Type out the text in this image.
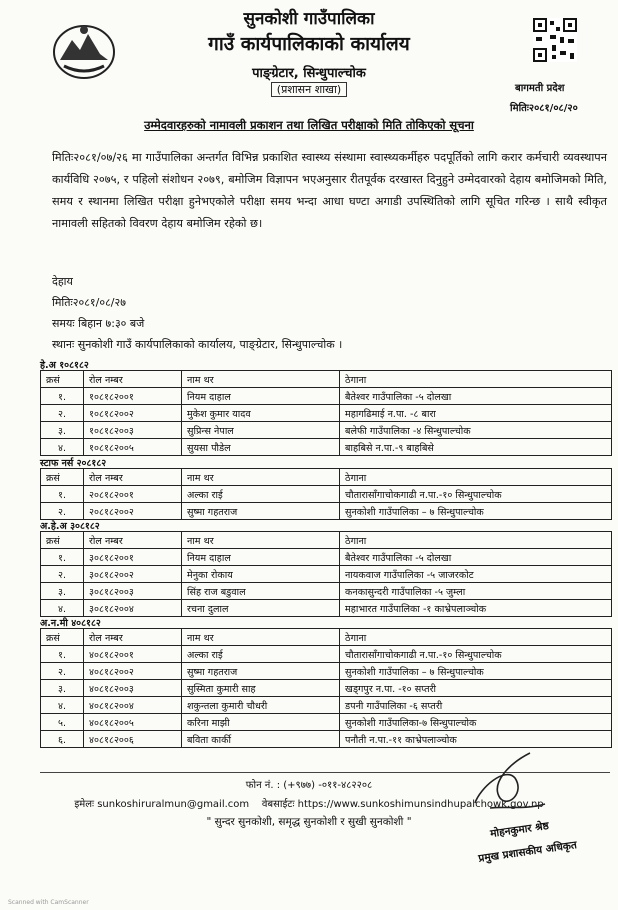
सुनकोशी गाउँपालिका
गाउँ कार्यपालिकाको कार्यालय
पाङ्ग्रेटार, सिन्धुपाल्चोक
(प्रशासन शाखा)	बागमती प्रदेश
मितिः२०८१/०८/२०
उम्मेदवारहरुको नामावली प्रकाशन तथा लिखित परीक्षाको मिति तोकिएको सूचना
मितिः२०८१/०७/२६ मा गाउँपालिका अन्तर्गत विभिन्न प्रकाशित स्वास्थ्य संस्थामा स्वास्थ्यकर्मीहरु पदपूर्तिको लागि करार कर्मचारी व्यवस्थापन कार्यविधि २०७५, र पहिलो संशोधन २०७९, बमोजिम विज्ञापन भएअनुसार रीतपूर्वक दरखास्त दिनुहुने उम्मेदवारको देहाय बमोजिमको मिति, समय र स्थानमा लिखित परीक्षा हुनेभएकोले परीक्षा समय भन्दा आधा घण्टा अगाडी उपस्थितिको लागि सूचित गरिन्छ । साथै स्वीकृत नामावली सहितको विवरण देहाय बमोजिम रहेको छ।
देहाय
मितिः२०८१/०८/२७
समयः बिहान ७:३० बजे
स्थानः सुनकोशी गाउँ कार्यपालिकाको कार्यालय, पाङ्ग्रेटार, सिन्धुपाल्चोक ।
हे.अ १०८१८२
क्रसं	रोल नम्बर	नाम थर	ठेगाना
१.	१०८१८२००१	नियम दाहाल	बैतेश्वर गाउँपालिका -५ दोलखा
२.	१०८१८२००२	मुकेश कुमार यादव	महागढिमाई न.पा. -८ बारा
३.	१०८१८२००३	सुप्रिन्स नेपाल	बलेफी गाउँपालिका -४ सिन्धुपाल्चोक
४.	१०८१८२००५	सुयसा पौडेल	बाहबिसे न.पा.-९ बाहबिसे
स्टाफ नर्स २०८१८२
क्रसं	रोल नम्बर	नाम थर	ठेगाना
१.	२०८१८२००१	अल्का राई	चौतारासाँगाचोकगाढी न.पा.-१० सिन्धुपाल्चोक
२.	२०८१८२००२	सुष्मा गहतराज	सुनकोशी गाउँपालिका – ७ सिन्धुपाल्चोक
अ.हे.अ ३०८१८२
क्रसं	रोल नम्बर	नाम थर	ठेगाना
१.	३०८१८२००१	नियम दाहाल	बैतेश्वर गाउँपालिका -५ दोलखा
२.	३०८१८२००२	मेनुका रोकाय	नायकवाज गाउँपालिका -५ जाजरकोट
३.	३०८१८२००३	सिंह राज बडुवाल	कनकासुन्दरी गाउँपालिका -५ जुम्ला
४.	३०८१८२००४	रचना दुलाल	महाभारत गाउँपालिका -१ काभ्रेपलाञ्चोक
अ.न.मी ४०८१८२
क्रसं	रोल नम्बर	नाम थर	ठेगाना
१.	४०८१८२००१	अल्का राई	चौतारासाँगाचोकगाढी न.पा.-१० सिन्धुपाल्चोक
२.	४०८१८२००२	सुष्मा गहतराज	सुनकोशी गाउँपालिका – ७ सिन्धुपाल्चोक
३.	४०८१८२००३	सुस्मिता कुमारी साह	खड्गपुर न.पा. -१० सप्तरी
४.	४०८१८२००४	शकुन्तला कुमारी चौधरी	डपनी गाउँपालिका -६ सप्तरी
५.	४०८१८२००५	करिना माझी	सुनकोशी गाउँपालिका-७ सिन्धुपाल्चोक
६.	४०८१८२००६	बविता कार्की	पनौती न.पा.-११ काभ्रेपलाञ्चोक
फोन नं. : (+९७७) -०११-४८२२०८
इमेलः sunkoshiruralmun@gmail.com वेबसाईटः https://www.sunkoshimunsindhupalchowk.gov.np
" सुन्दर सुनकोशी, समृद्ध सुनकोशी र सुखी सुनकोशी "	मोहनकुमार श्रेष्ठ
प्रमुख प्रशासकीय अधिकृत
Scanned with CamScanner
